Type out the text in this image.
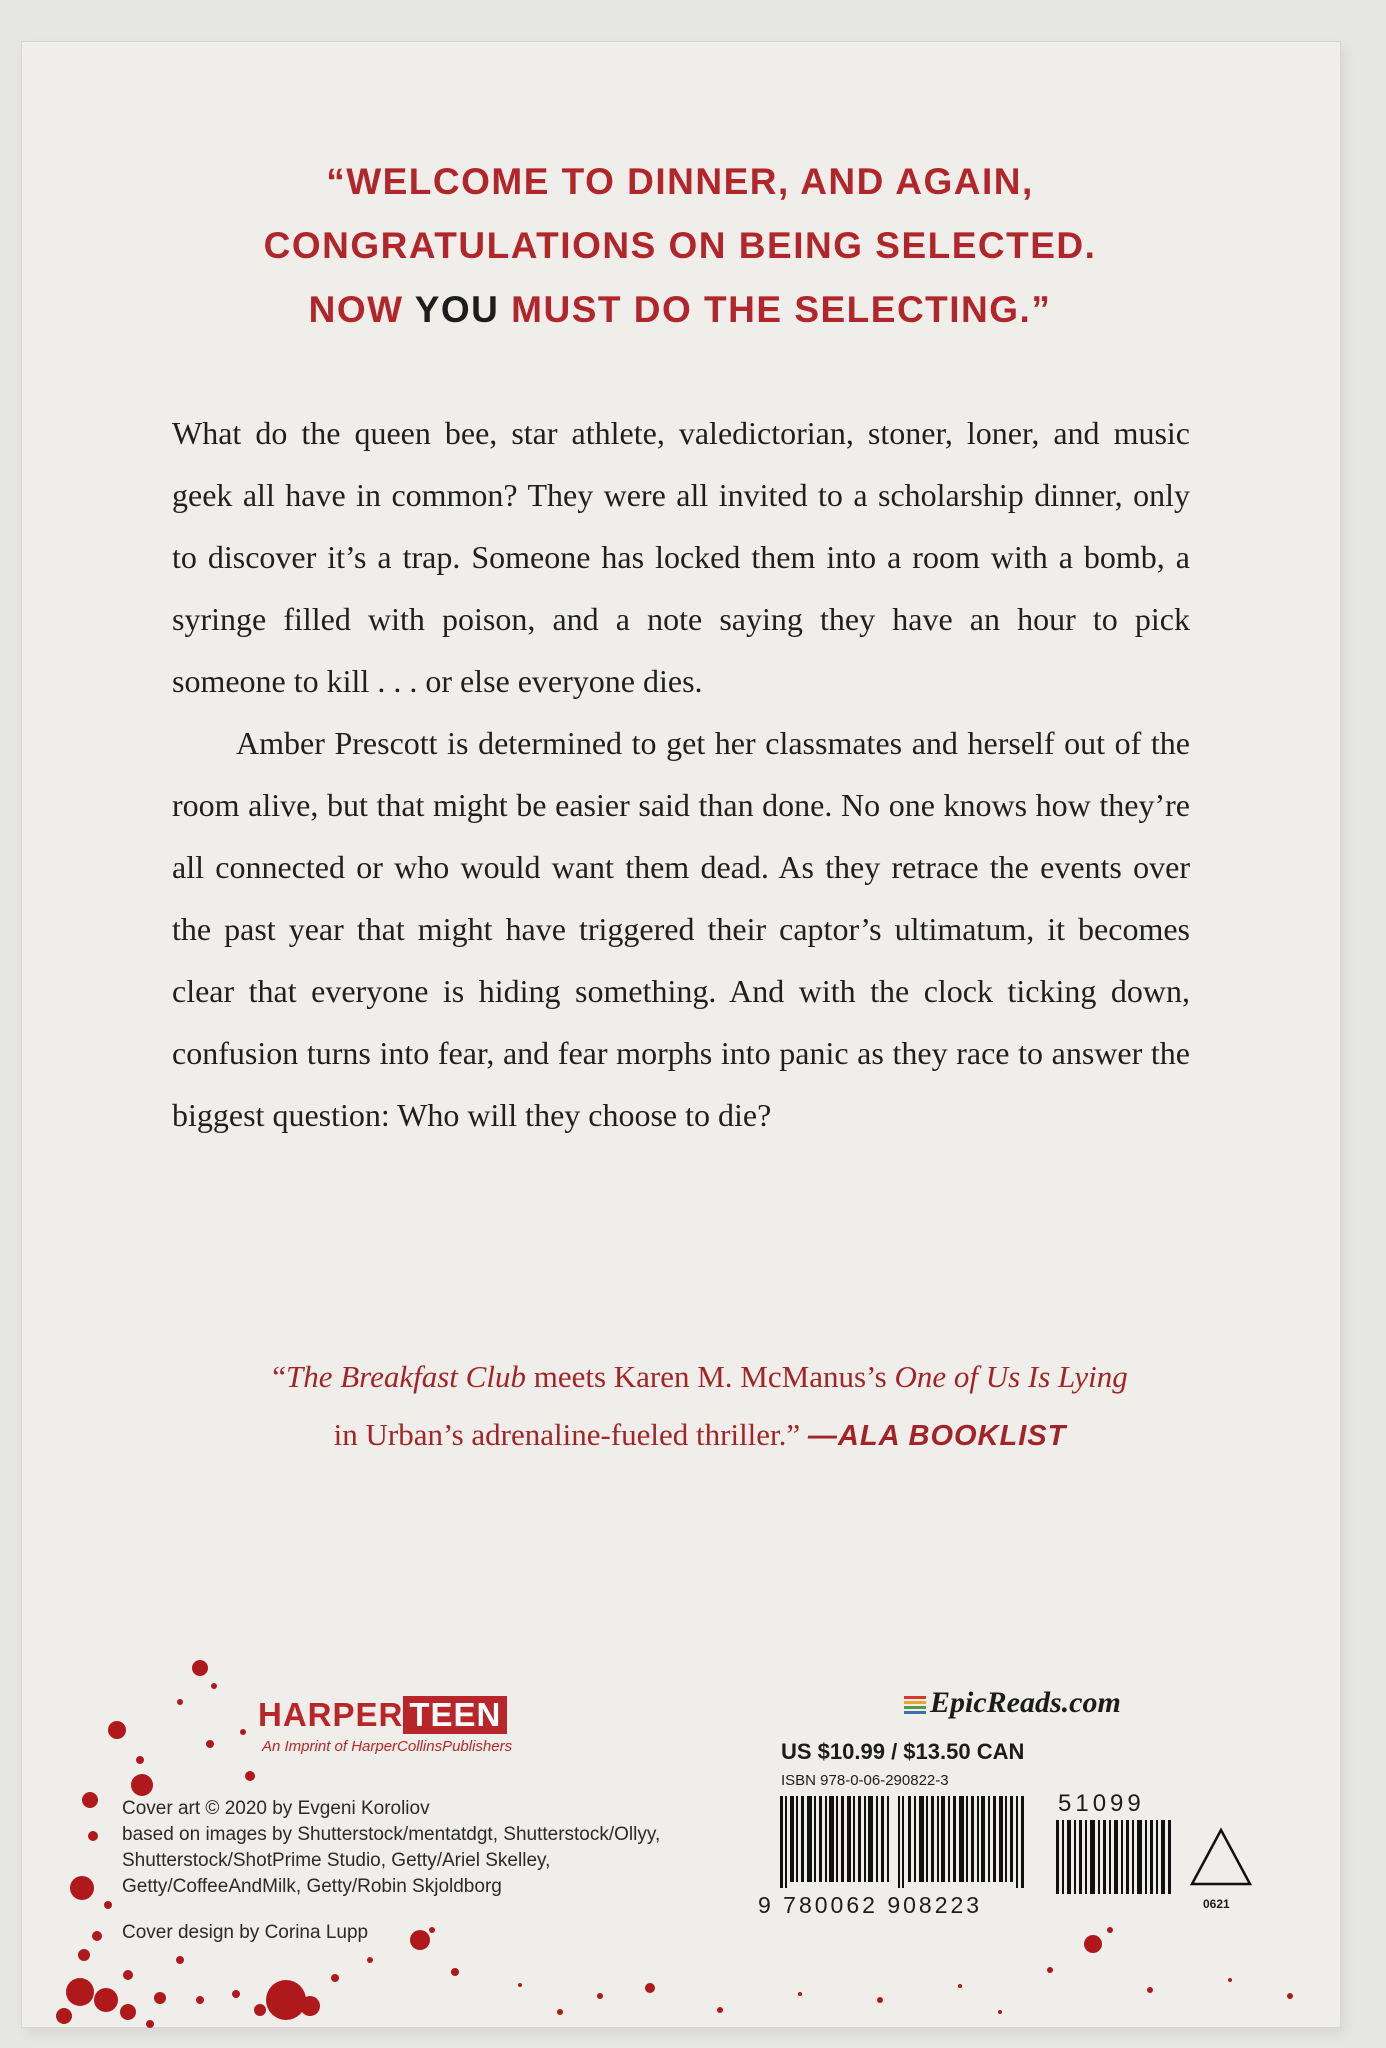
“WELCOME TO DINNER, AND AGAIN,
CONGRATULATIONS ON BEING SELECTED.
NOW YOU MUST DO THE SELECTING.”

What do the queen bee, star athlete, valedictorian, stoner, loner, and music geek all have in common? They were all invited to a scholarship dinner, only to discover it’s a trap. Someone has locked them into a room with a bomb, a syringe filled with poison, and a note saying they have an hour to pick someone to kill . . . or else everyone dies.

Amber Prescott is determined to get her classmates and herself out of the room alive, but that might be easier said than done. No one knows how they’re all connected or who would want them dead. As they retrace the events over the past year that might have triggered their captor’s ultimatum, it becomes clear that everyone is hiding something. And with the clock ticking down, confusion turns into fear, and fear morphs into panic as they race to answer the biggest question: Who will they choose to die?

“The Breakfast Club meets Karen M. McManus’s One of Us Is Lying
in Urban’s adrenaline-fueled thriller.” —ALA BOOKLIST
HARPER TEEN
An Imprint of HarperCollinsPublishers
Cover art © 2020 by Evgeni Koroliov
based on images by Shutterstock/mentatdgt, Shutterstock/Ollyy,
Shutterstock/ShotPrime Studio, Getty/Ariel Skelley,
Getty/CoffeeAndMilk, Getty/Robin Skjoldborg
Cover design by Corina Lupp
EpicReads.com
US $10.99 / $13.50 CAN
ISBN 978-0-06-290822-3
9 780062 908223
51099
0621
